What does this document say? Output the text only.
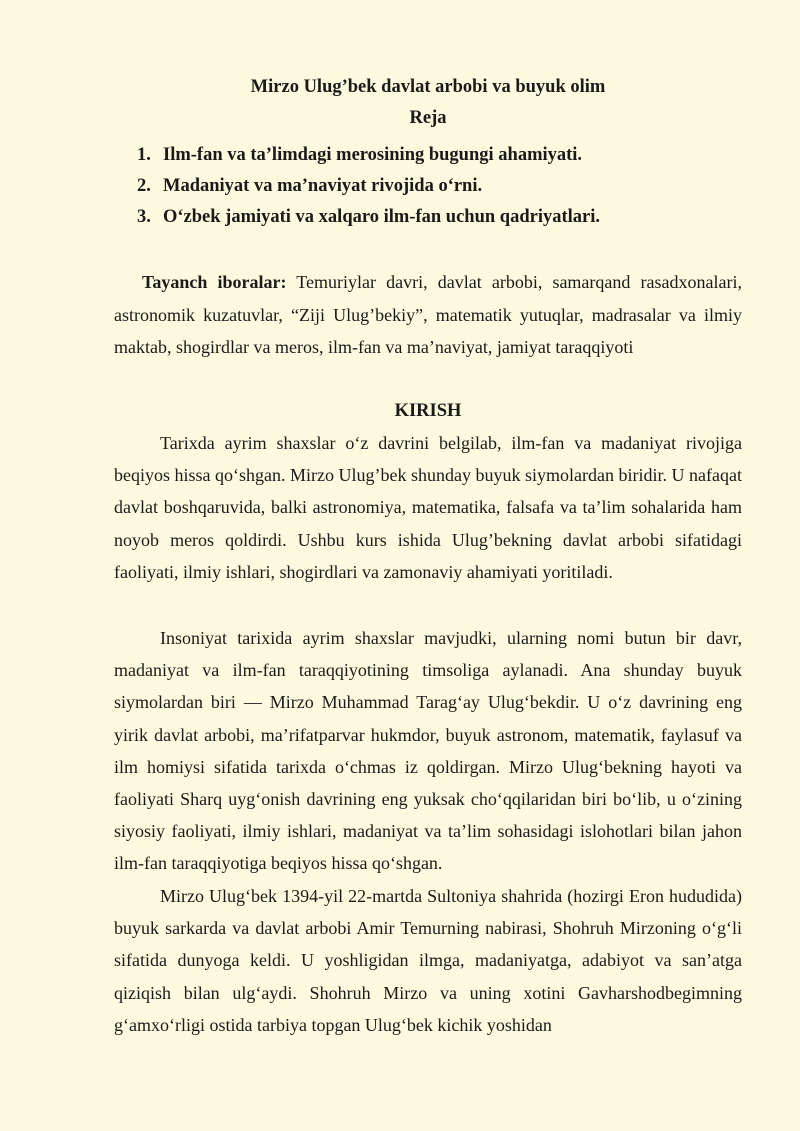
Mirzo Ulug’bek davlat arbobi va buyuk olim
Reja
1. Ilm-fan va ta’limdagi merosining bugungi ahamiyati.
2. Madaniyat va ma’naviyat rivojida o‘rni.
3. O‘zbek jamiyati va xalqaro ilm-fan uchun qadriyatlari.

Tayanch iboralar: Temuriylar davri, davlat arbobi, samarqand rasadxonalari, astronomik kuzatuvlar, “Ziji Ulug’bekiy”, matematik yutuqlar, madrasalar va ilmiy maktab, shogirdlar va meros, ilm-fan va ma’naviyat, jamiyat taraqqiyoti

KIRISH

Tarixda ayrim shaxslar o‘z davrini belgilab, ilm-fan va madaniyat rivojiga beqiyos hissa qo‘shgan. Mirzo Ulug’bek shunday buyuk siymolardan biridir. U nafaqat davlat boshqaruvida, balki astronomiya, matematika, falsafa va ta’lim sohalarida ham noyob meros qoldirdi. Ushbu kurs ishida Ulug’bekning davlat arbobi sifatidagi faoliyati, ilmiy ishlari, shogirdlari va zamonaviy ahamiyati yoritiladi.

Insoniyat tarixida ayrim shaxslar mavjudki, ularning nomi butun bir davr, madaniyat va ilm-fan taraqqiyotining timsoliga aylanadi. Ana shunday buyuk siymolardan biri — Mirzo Muhammad Tarag‘ay Ulug‘bekdir. U o‘z davrining eng yirik davlat arbobi, ma’rifatparvar hukmdor, buyuk astronom, matematik, faylasuf va ilm homiysi sifatida tarixda o‘chmas iz qoldirgan. Mirzo Ulug‘bekning hayoti va faoliyati Sharq uyg‘onish davrining eng yuksak cho‘qqilaridan biri bo‘lib, u o‘zining siyosiy faoliyati, ilmiy ishlari, madaniyat va ta’lim sohasidagi islohotlari bilan jahon ilm-fan taraqqiyotiga beqiyos hissa qo‘shgan.

Mirzo Ulug‘bek 1394-yil 22-martda Sultoniya shahrida (hozirgi Eron hududida) buyuk sarkarda va davlat arbobi Amir Temurning nabirasi, Shohruh Mirzoning o‘g‘li sifatida dunyoga keldi. U yoshligidan ilmga, madaniyatga, adabiyot va san’atga qiziqish bilan ulg‘aydi. Shohruh Mirzo va uning xotini Gavharshodbegimning g‘amxo‘rligi ostida tarbiya topgan Ulug‘bek kichik yoshidan
